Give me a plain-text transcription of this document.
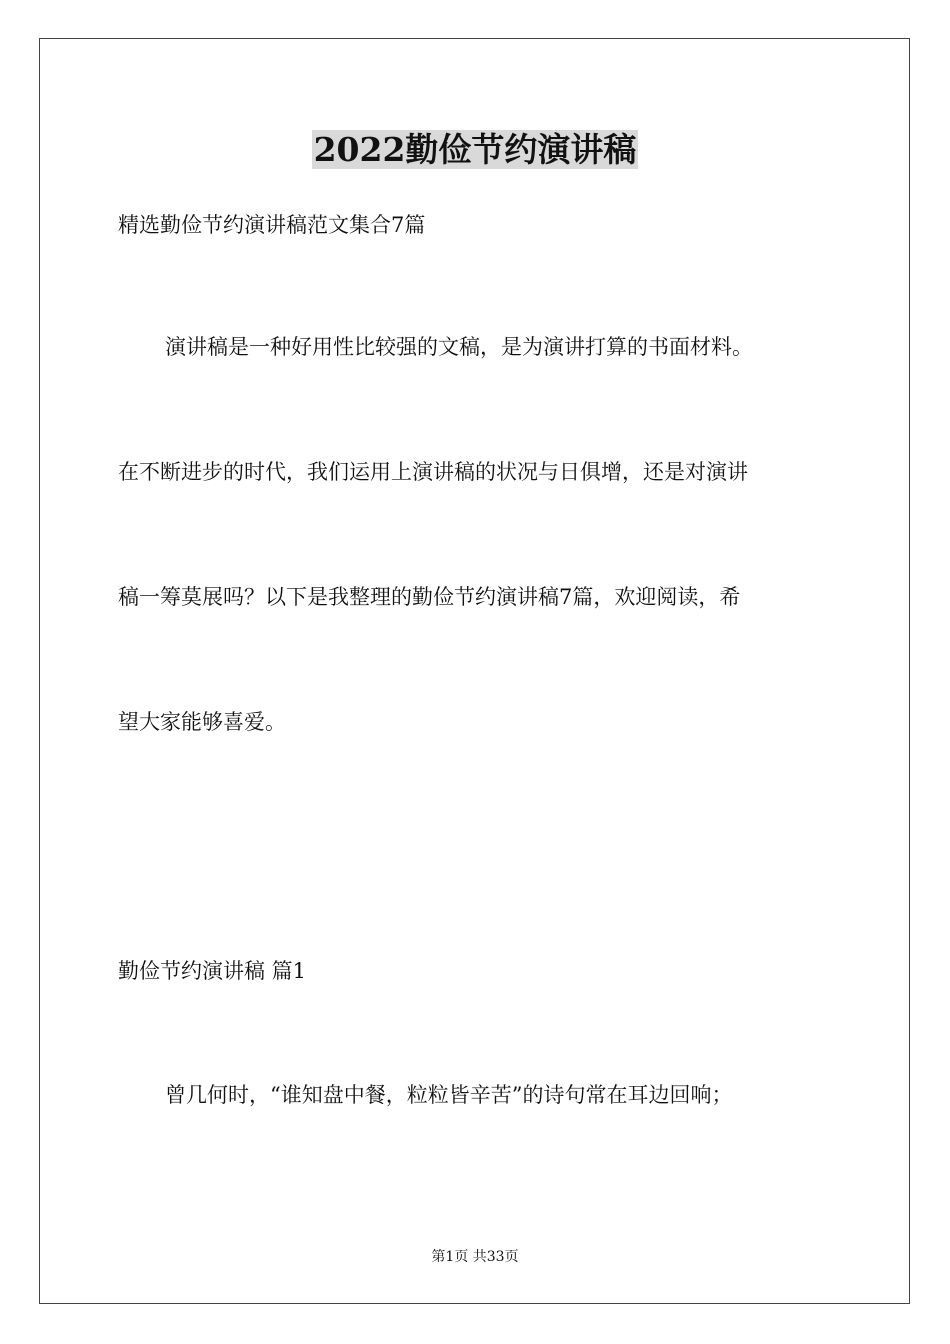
2022勤俭节约演讲稿
精选勤俭节约演讲稿范文集合7篇
演讲稿是一种好用性比较强的文稿，是为演讲打算的书面材料。
在不断进步的时代，我们运用上演讲稿的状况与日俱增，还是对演讲
稿一筹莫展吗？以下是我整理的勤俭节约演讲稿7篇，欢迎阅读，希
望大家能够喜爱。
勤俭节约演讲稿 篇1
曾几何时，“谁知盘中餐，粒粒皆辛苦”的诗句常在耳边回响；
第1页 共33页
